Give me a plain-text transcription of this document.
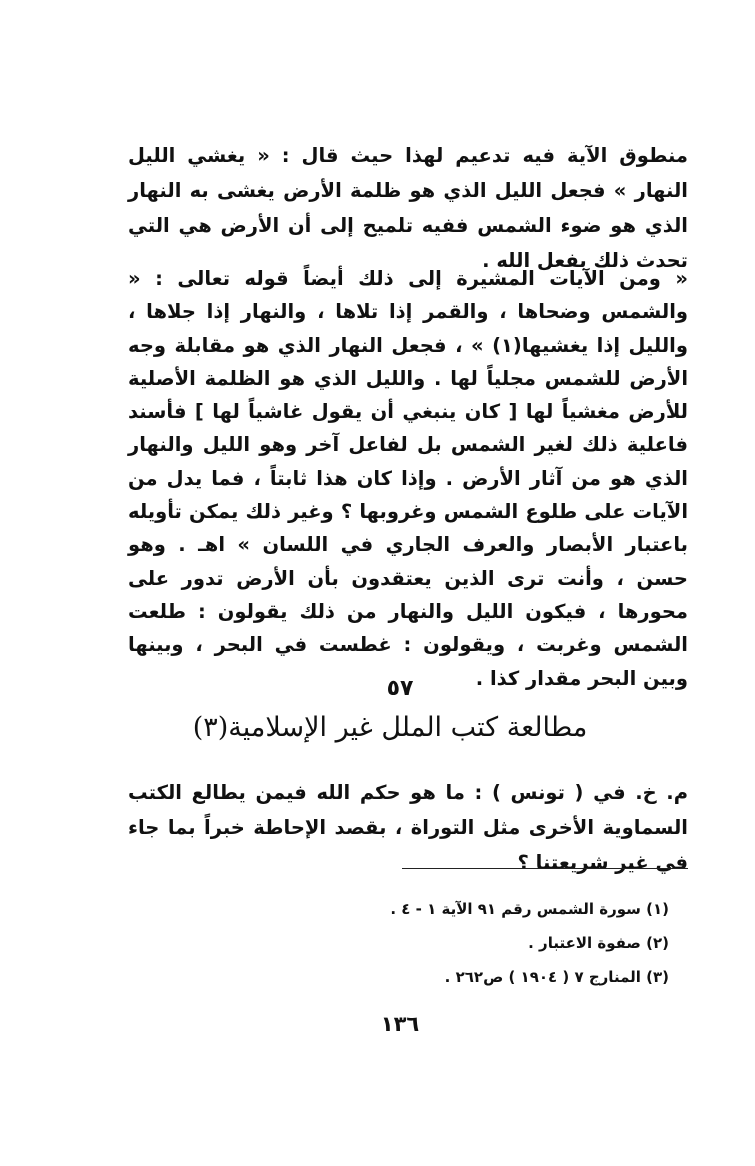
منطوق الآية فيه تدعيم لهذا حيث قال : « يغشي الليل النهار » فجعل الليل الذي هو ظلمة الأرض يغشى به النهار الذي هو ضوء الشمس ففيه تلميح إلى أن الأرض هي التي تحدث ذلك بفعل الله .

« ومن الآيات المشيرة إلى ذلك أيضاً قوله تعالى : « والشمس وضحاها ، والقمر إذا تلاها ، والنهار إذا جلاها ، والليل إذا يغشيها(١) » ، فجعل النهار الذي هو مقابلة وجه الأرض للشمس مجلياً لها . والليل الذي هو الظلمة الأصلية للأرض مغشياً لها [ كان ينبغي أن يقول غاشياً لها ] فأسند فاعلية ذلك لغير الشمس بل لفاعل آخر وهو الليل والنهار الذي هو من آثار الأرض . وإذا كان هذا ثابتاً ، فما يدل من الآيات على طلوع الشمس وغروبها ؟ وغير ذلك يمكن تأويله باعتبار الأبصار والعرف الجاري في اللسان » اهـ . وهو حسن ، وأنت ترى الذين يعتقدون بأن الأرض تدور على محورها ، فيكون الليل والنهار من ذلك يقولون : طلعت الشمس وغربت ، ويقولون : غطست في البحر ، وبينها وبين البحر مقدار كذا .

٥٧
مطالعة كتب الملل غير الإسلامية(٣)

م. خ. في ( تونس ) : ما هو حكم الله فيمن يطالع الكتب السماوية الأخرى مثل التوراة ، بقصد الإحاطة خبراً بما جاء في غير شريعتنا ؟

(١) سورة الشمس رقم ٩١ الآية ١ - ٤ .
(٢) صفوة الاعتبار .
(٣) المنارج ٧ ( ١٩٠٤ ) ص٢٦٢ .
١٣٦
